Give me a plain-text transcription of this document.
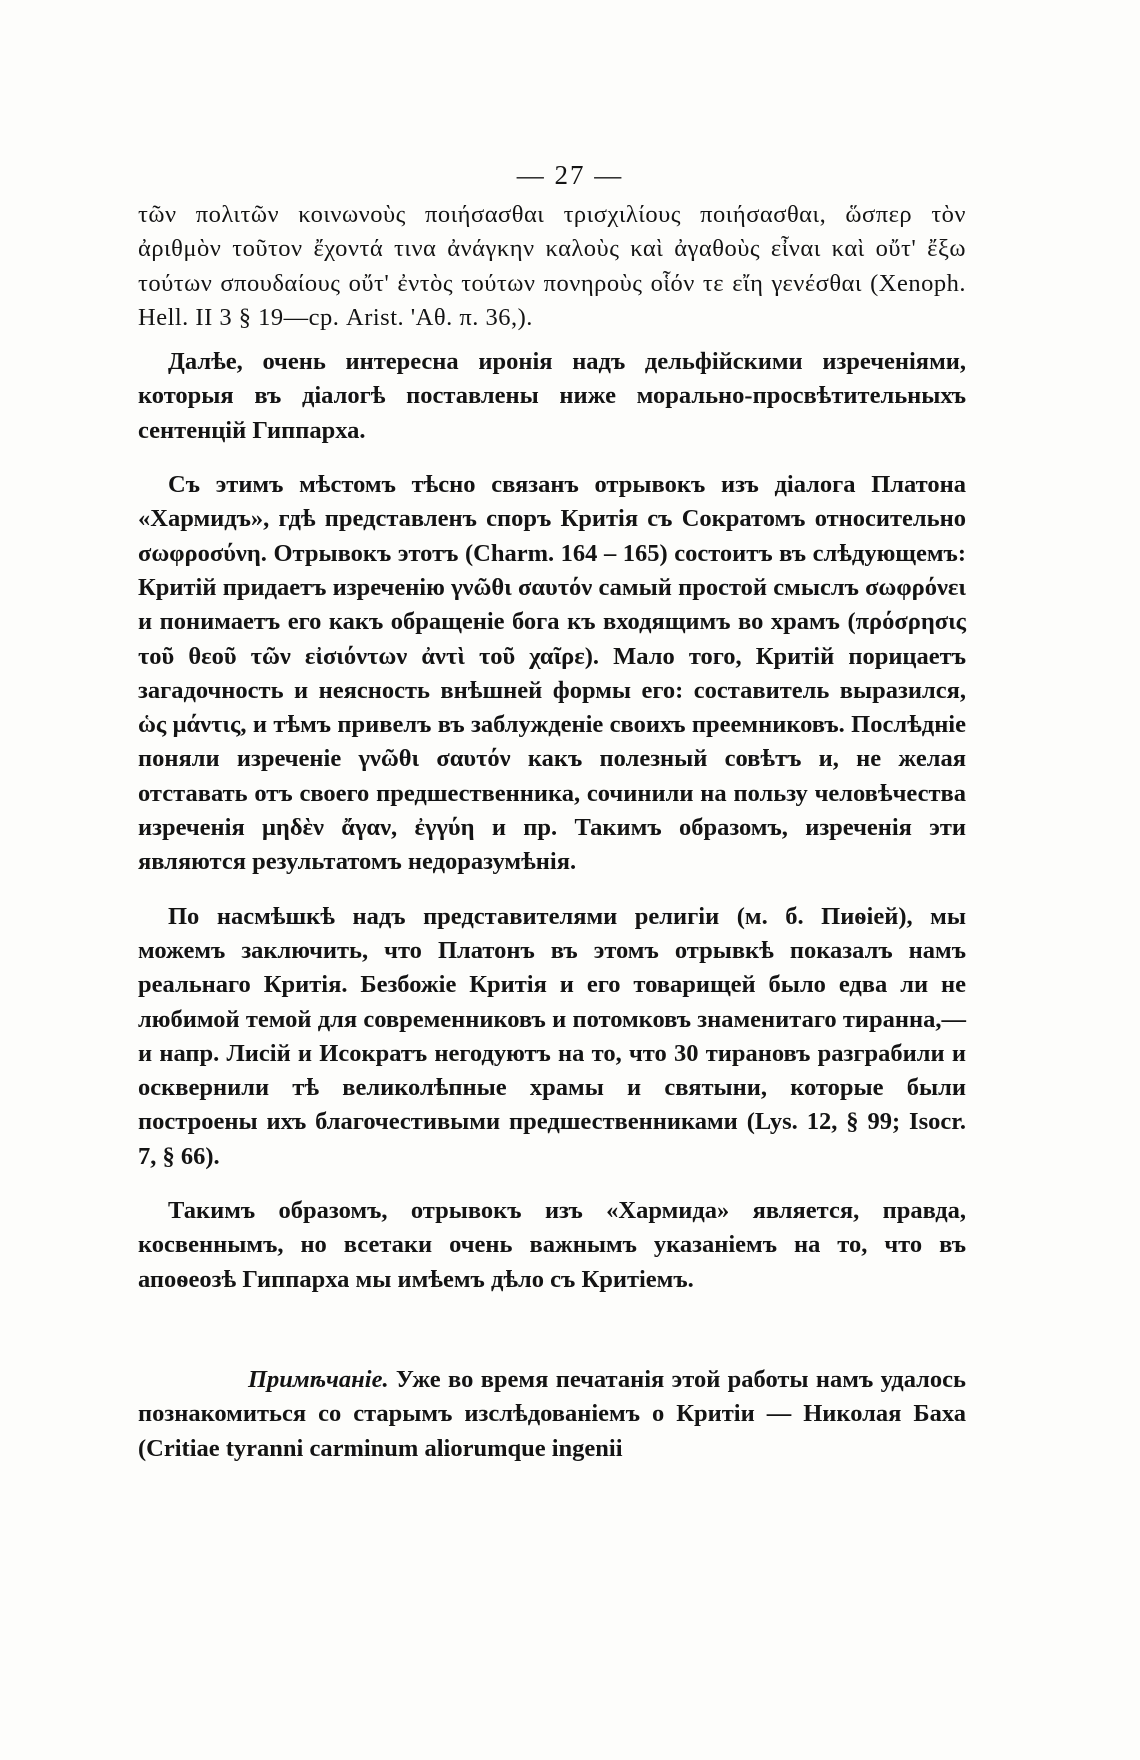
— 27 —

τῶν πολιτῶν κοινωνοὺς ποιήσασθαι τρισχιλίους ποιήσασθαι, ὥσπερ τὸν ἀριθμὸν τοῦτον ἔχοντά τινα ἀνάγκην καλοὺς καὶ ἀγαθοὺς εἶναι καὶ οὔτ' ἔξω τούτων σπουδαίους οὔτ' ἐντὸς τούτων πονηροὺς οἷόν τε εἴη γενέσθαι (Xenoph. Hell. II 3 § 19—ср. Arist. 'Αθ. π. 36,).

Далѣе, очень интересна иронія надъ дельфійскими изреченіями, которыя въ діалогѣ поставлены ниже морально-просвѣтительныхъ сентенцій Гиппарха.

Съ этимъ мѣстомъ тѣсно связанъ отрывокъ изъ діалога Платона «Хармидъ», гдѣ представленъ споръ Критія съ Сократомъ относительно σωφροσύνη. Отрывокъ этотъ (Charm. 164 – 165) состоитъ въ слѣдующемъ: Критій придаетъ изреченію γνῶθι σαυτόν самый простой смыслъ σωφρόνει и понимаетъ его какъ обращеніе бога къ входящимъ во храмъ (πρόσρησις τοῦ θεοῦ τῶν εἰσιόντων ἀντὶ τοῦ χαῖρε). Мало того, Критій порицаетъ загадочность и неясность внѣшней формы его: составитель выразился, ὡς μάντις, и тѣмъ привелъ въ заблужденіе своихъ преемниковъ. Послѣдніе поняли изреченіе γνῶθι σαυτόν какъ полезный совѣтъ и, не желая отставать отъ своего предшественника, сочинили на пользу человѣчества изреченія μηδὲν ἄγαν, ἐγγύη и пр. Такимъ образомъ, изреченія эти являются результатомъ недоразумѣнія.

По насмѣшкѣ надъ представителями религіи (м. б. Пиѳіей), мы можемъ заключить, что Платонъ въ этомъ отрывкѣ показалъ намъ реальнаго Критія. Безбожіе Критія и его товарищей было едва ли не любимой темой для современниковъ и потомковъ знаменитаго тиранна,—и напр. Лисій и Исократъ негодуютъ на то, что 30 тирановъ разграбили и осквернили тѣ великолѣпные храмы и святыни, которые были построены ихъ благочестивыми предшественниками (Lys. 12, § 99; Isocr. 7, § 66).

Такимъ образомъ, отрывокъ изъ «Хармида» является, правда, косвеннымъ, но всетаки очень важнымъ указаніемъ на то, что въ апоѳеозѣ Гиппарха мы имѣемъ дѣло съ Критіемъ.

Примѣчаніе. Уже во время печатанія этой работы намъ удалось познакомиться со старымъ изслѣдованіемъ о Критіи — Николая Баха (Critiae tyranni carminum aliorumque ingenii
